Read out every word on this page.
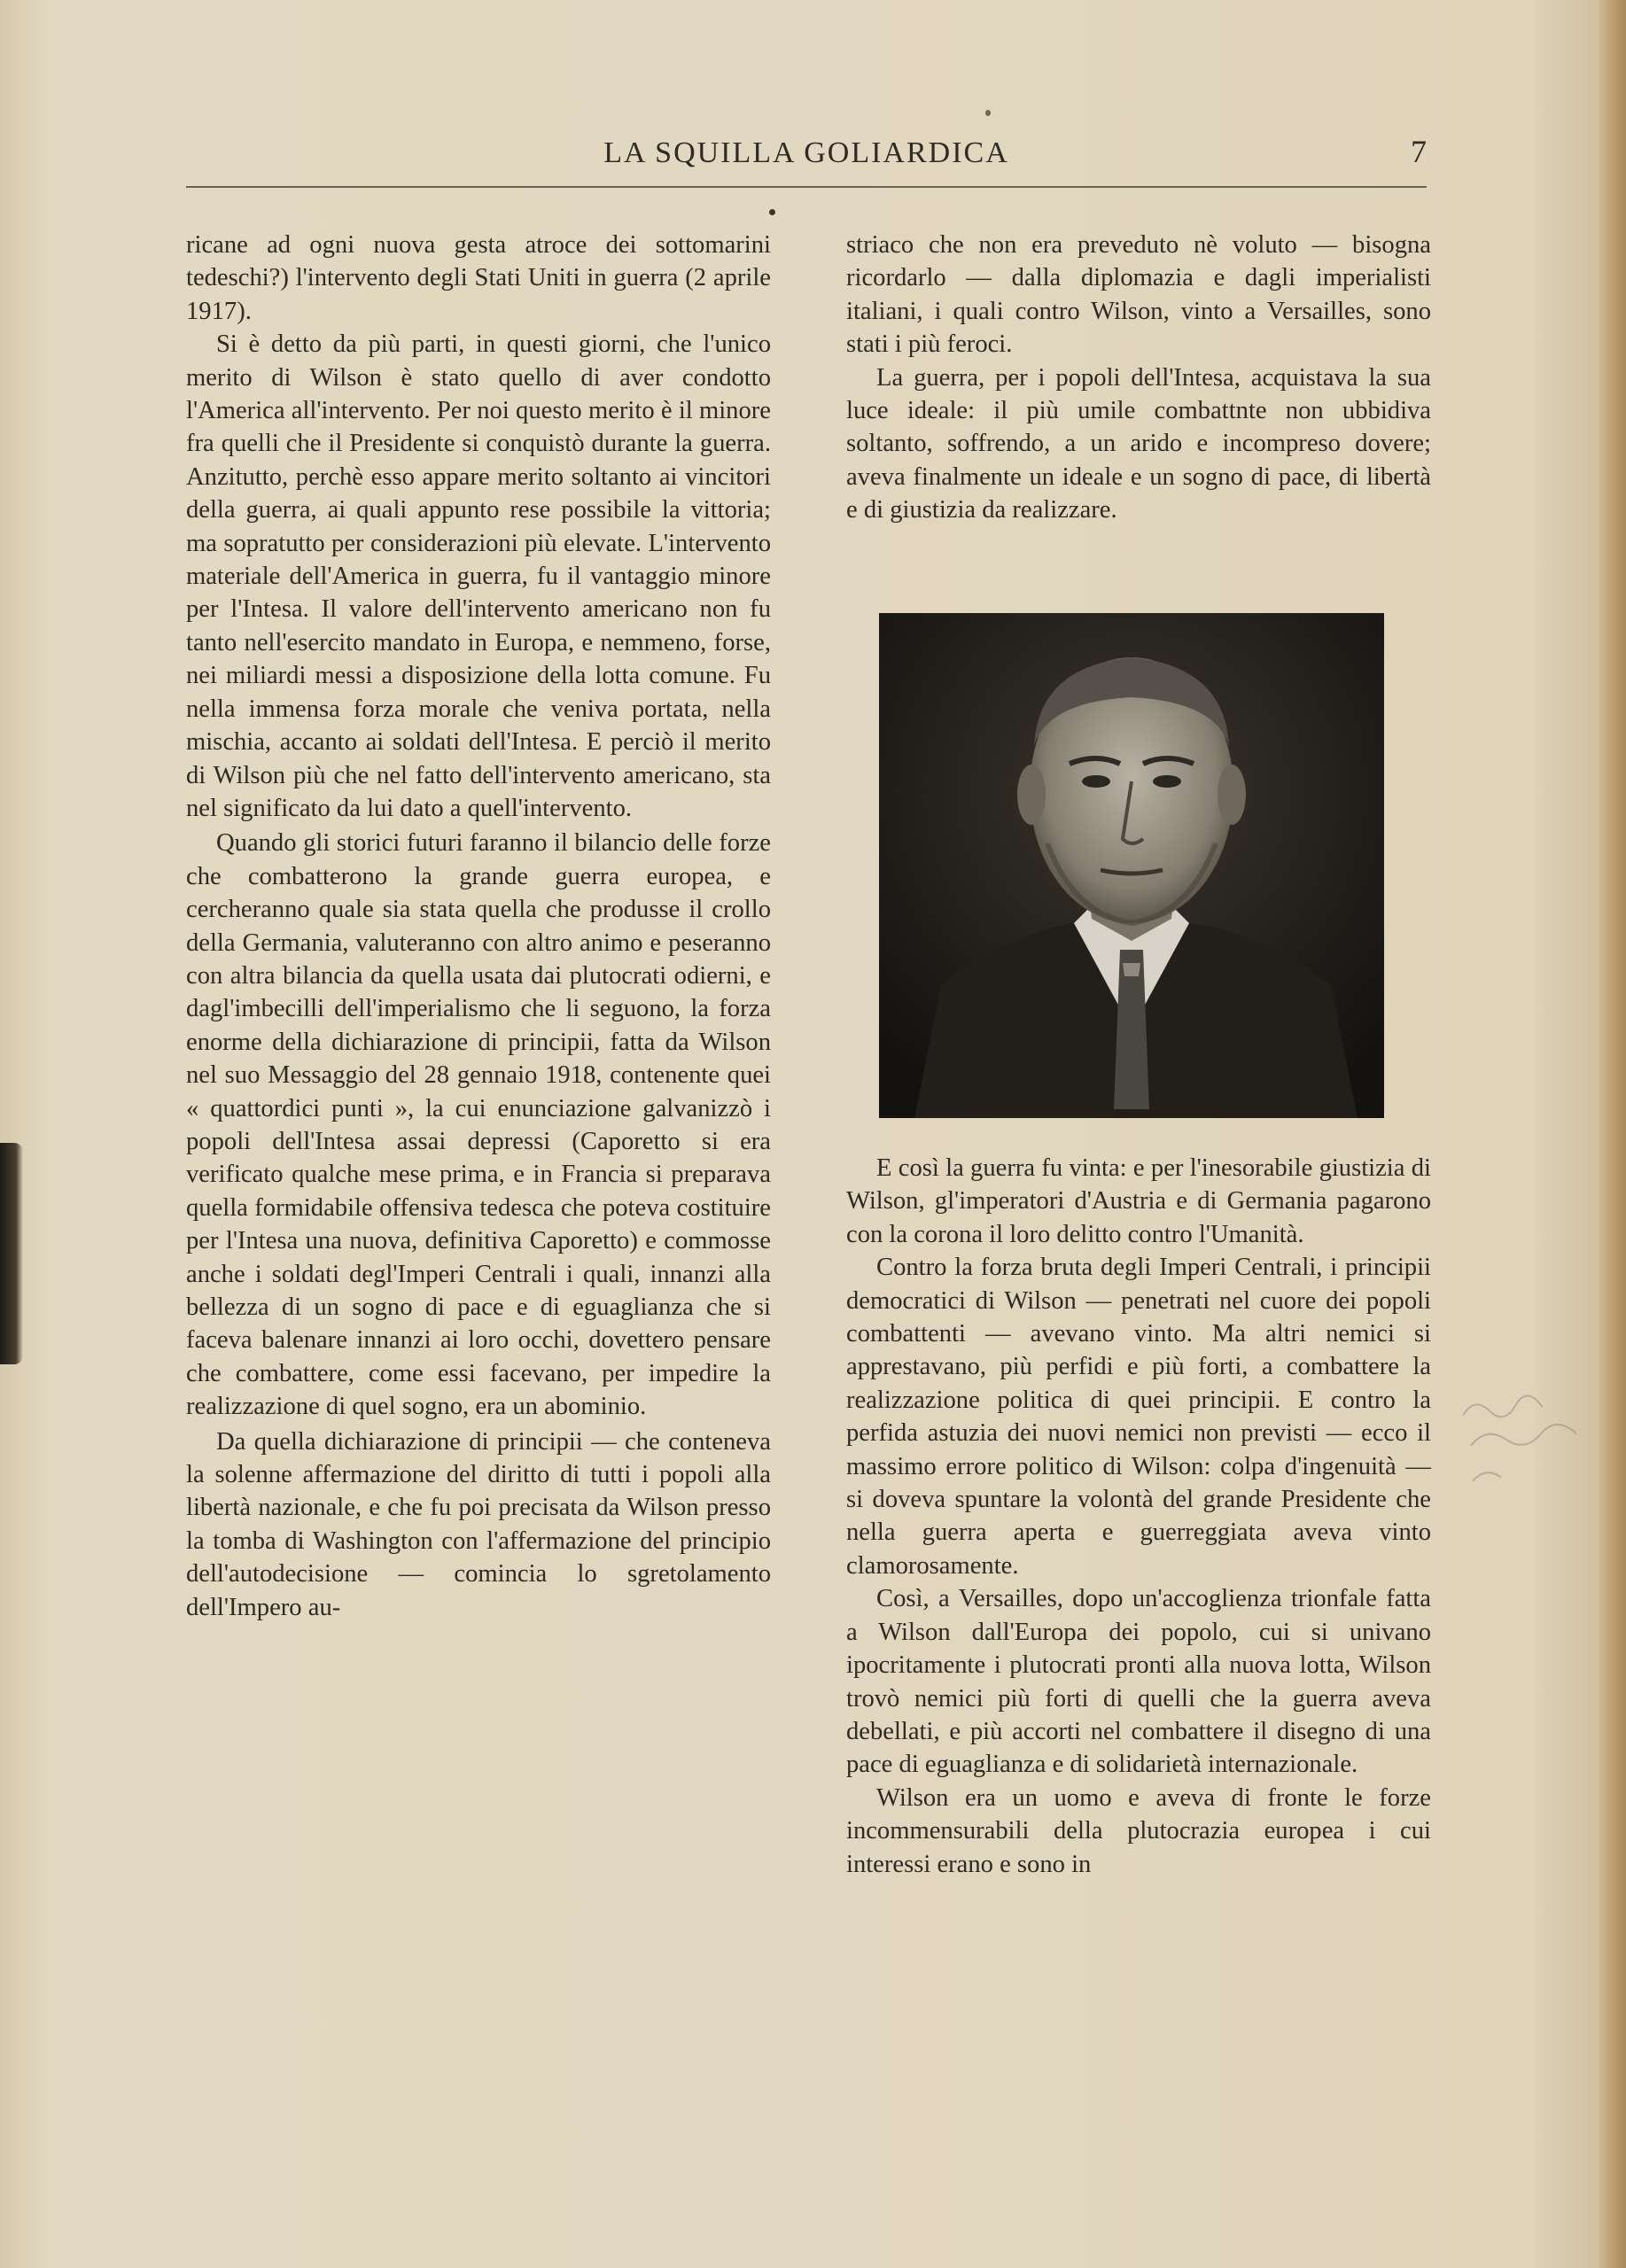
LA SQUILLA GOLIARDICA	7

ricane ad ogni nuova gesta atroce dei sottomarini tedeschi?) l'intervento degli Stati Uniti in guerra (2 aprile 1917).

Si è detto da più parti, in questi giorni, che l'unico merito di Wilson è stato quello di aver condotto l'America all'intervento. Per noi questo merito è il minore fra quelli che il Presidente si conquistò durante la guerra. Anzitutto, perchè esso appare merito soltanto ai vincitori della guerra, ai quali appunto rese possibile la vittoria; ma sopratutto per considerazioni più elevate. L'intervento materiale dell'America in guerra, fu il vantaggio minore per l'Intesa. Il valore dell'intervento americano non fu tanto nell'esercito mandato in Europa, e nemmeno, forse, nei miliardi messi a disposizione della lotta comune. Fu nella immensa forza morale che veniva portata, nella mischia, accanto ai soldati dell'Intesa. E perciò il merito di Wilson più che nel fatto dell'intervento americano, sta nel significato da lui dato a quell'intervento.

Quando gli storici futuri faranno il bilancio delle forze che combatterono la grande guerra europea, e cercheranno quale sia stata quella che produsse il crollo della Germania, valuteranno con altro animo e peseranno con altra bilancia da quella usata dai plutocrati odierni, e dagl'imbecilli dell'imperialismo che li seguono, la forza enorme della dichiarazione di principii, fatta da Wilson nel suo Messaggio del 28 gennaio 1918, contenente quei « quattordici punti », la cui enunciazione galvanizzò i popoli dell'Intesa assai depressi (Caporetto si era verificato qualche mese prima, e in Francia si preparava quella formidabile offensiva tedesca che poteva costituire per l'Intesa una nuova, definitiva Caporetto) e commosse anche i soldati degl'Imperi Centrali i quali, innanzi alla bellezza di un sogno di pace e di eguaglianza che si faceva balenare innanzi ai loro occhi, dovettero pensare che combattere, come essi facevano, per impedire la realizzazione di quel sogno, era un abominio.

Da quella dichiarazione di principii — che conteneva la solenne affermazione del diritto di tutti i popoli alla libertà nazionale, e che fu poi precisata da Wilson presso la tomba di Washington con l'affermazione del principio dell'autodecisione — comincia lo sgretolamento dell'Impero au-

striaco che non era preveduto nè voluto — bisogna ricordarlo — dalla diplomazia e dagli imperialisti italiani, i quali contro Wilson, vinto a Versailles, sono stati i più feroci.

La guerra, per i popoli dell'Intesa, acquistava la sua luce ideale: il più umile combattnte non ubbidiva soltanto, soffrendo, a un arido e incompreso dovere; aveva finalmente un ideale e un sogno di pace, di libertà e di giustizia da realizzare.

E così la guerra fu vinta: e per l'inesorabile giustizia di Wilson, gl'imperatori d'Austria e di Germania pagarono con la corona il loro delitto contro l'Umanità.

Contro la forza bruta degli Imperi Centrali, i principii democratici di Wilson — penetrati nel cuore dei popoli combattenti — avevano vinto. Ma altri nemici si apprestavano, più perfidi e più forti, a combattere la realizzazione politica di quei principii. E contro la perfida astuzia dei nuovi nemici non previsti — ecco il massimo errore politico di Wilson: colpa d'ingenuità — si doveva spuntare la volontà del grande Presidente che nella guerra aperta e guerreggiata aveva vinto clamorosamente.

Così, a Versailles, dopo un'accoglienza trionfale fatta a Wilson dall'Europa dei popolo, cui si univano ipocritamente i plutocrati pronti alla nuova lotta, Wilson trovò nemici più forti di quelli che la guerra aveva debellati, e più accorti nel combattere il disegno di una pace di eguaglianza e di solidarietà internazionale.

Wilson era un uomo e aveva di fronte le forze incommensurabili della plutocrazia europea i cui interessi erano e sono in
